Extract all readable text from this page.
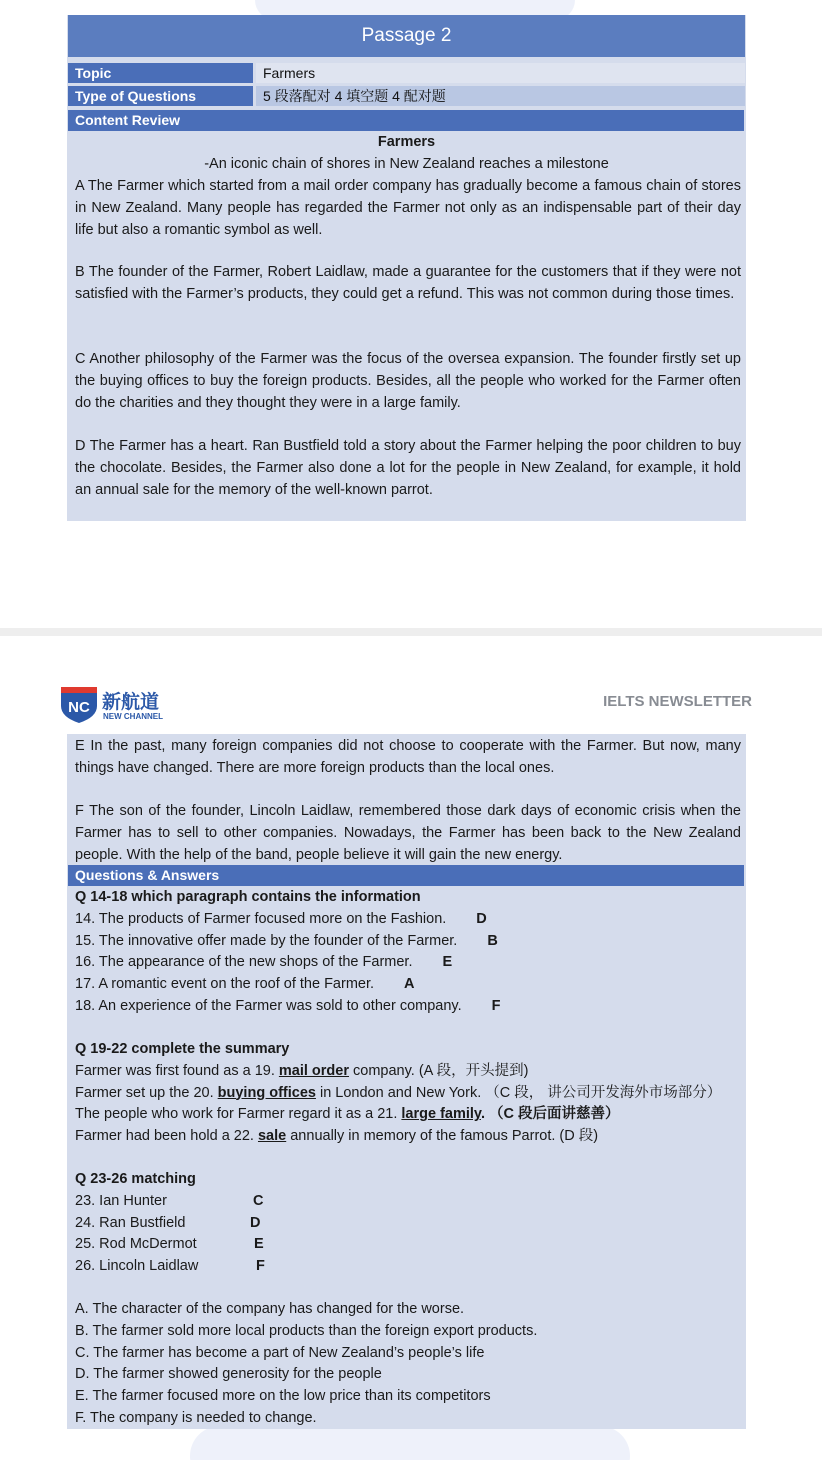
Passage 2
Topic	Farmers
Type of Questions	5 段落配对 4 填空题 4 配对题
Content Review
Farmers
-An iconic chain of shores in New Zealand reaches a milestone

A The Farmer which started from a mail order company has gradually become a famous chain of stores in New Zealand. Many people has regarded the Farmer not only as an indispensable part of their day life but also a romantic symbol as well.

B The founder of the Farmer, Robert Laidlaw, made a guarantee for the customers that if they were not satisfied with the Farmer’s products, they could get a refund. This was not common during those times.

C Another philosophy of the Farmer was the focus of the oversea expansion. The founder firstly set up the buying offices to buy the foreign products. Besides, all the people who worked for the Farmer often do the charities and they thought they were in a large family.

D The Farmer has a heart. Ran Bustfield told a story about the Farmer helping the poor children to buy the chocolate. Besides, the Farmer also done a lot for the people in New Zealand, for example, it hold an annual sale for the memory of the well-known parrot.

NC 新航道
NEW CHANNEL
IELTS NEWSLETTER

E In the past, many foreign companies did not choose to cooperate with the Farmer. But now, many things have changed. There are more foreign products than the local ones.

F The son of the founder, Lincoln Laidlaw, remembered those dark days of economic crisis when the Farmer has to sell to other companies. Nowadays, the Farmer has been back to the New Zealand people. With the help of the band, people believe it will gain the new energy.

Questions & Answers
Q 14-18 which paragraph contains the information
14. The products of Farmer focused more on the Fashion. D
15. The innovative offer made by the founder of the Farmer. B
16. The appearance of the new shops of the Farmer. E
17. A romantic event on the roof of the Farmer. A
18. An experience of the Farmer was sold to other company. F
Q 19-22 complete the summary
Farmer was first found as a 19. mail order company. (A 段，开头提到)
Farmer set up the 20. buying offices in London and New York. （C 段， 讲公司开发海外市场部分）
The people who work for Farmer regard it as a 21. large family. （C 段后面讲慈善）
Farmer had been hold a 22. sale annually in memory of the famous Parrot. (D 段)
Q 23-26 matching
23. Ian Hunter	C
24. Ran Bustfield	D
25. Rod McDermot	E
26. Lincoln Laidlaw	F
A. The character of the company has changed for the worse.
B. The farmer sold more local products than the foreign export products.
C. The farmer has become a part of New Zealand’s people’s life
D. The farmer showed generosity for the people
E. The farmer focused more on the low price than its competitors
F. The company is needed to change.
